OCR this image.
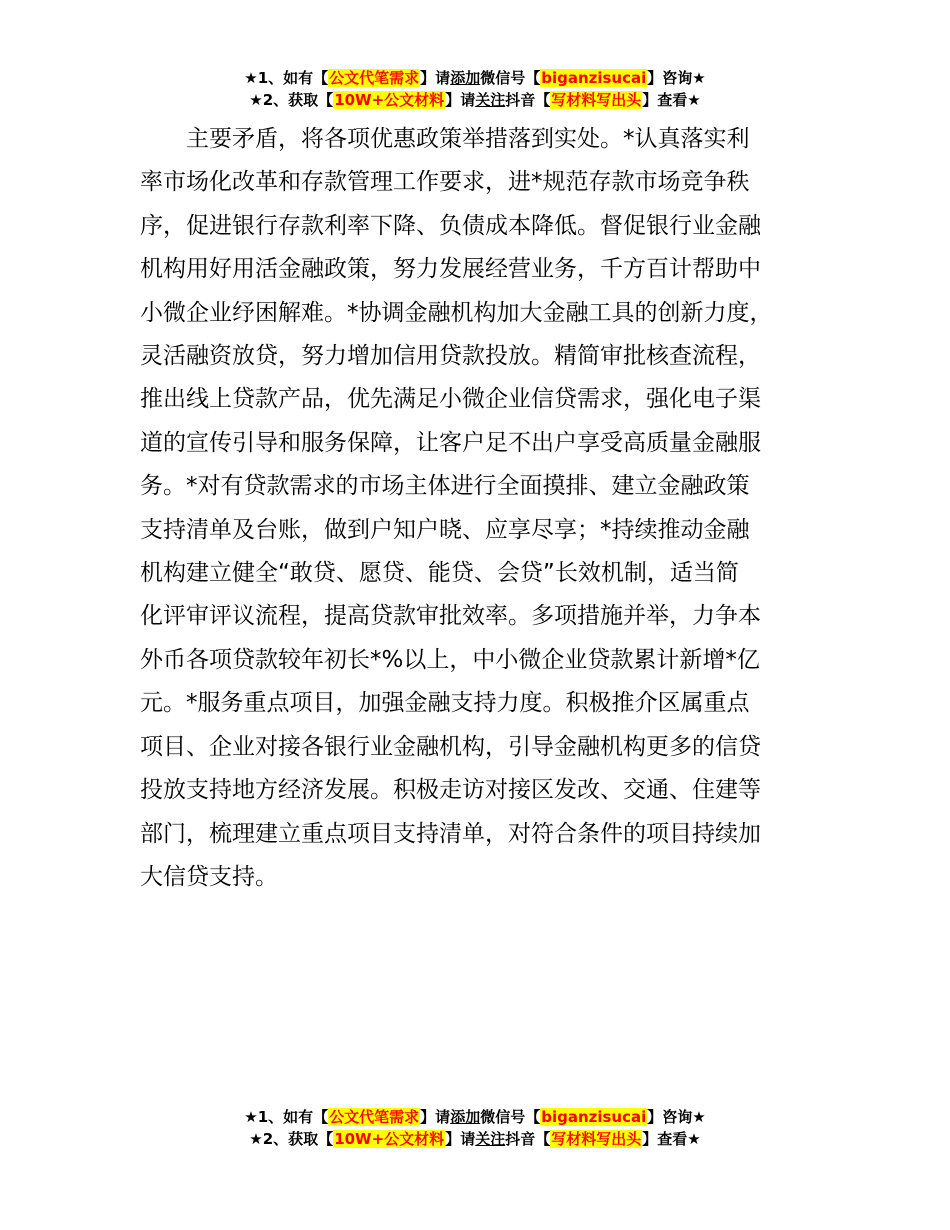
★1、如有【公文代笔需求】请添加微信号【biganzisucai】咨询★
★2、获取【10W+公文材料】请关注抖音【写材料写出头】查看★
　　主要矛盾，将各项优惠政策举措落到实处。*认真落实利
率市场化改革和存款管理工作要求，进*规范存款市场竞争秩
序，促进银行存款利率下降、负债成本降低。督促银行业金融
机构用好用活金融政策，努力发展经营业务，千方百计帮助中
小微企业纾困解难。*协调金融机构加大金融工具的创新力度，
灵活融资放贷，努力增加信用贷款投放。精简审批核查流程，
推出线上贷款产品，优先满足小微企业信贷需求，强化电子渠
道的宣传引导和服务保障，让客户足不出户享受高质量金融服
务。*对有贷款需求的市场主体进行全面摸排、建立金融政策
支持清单及台账，做到户知户晓、应享尽享；*持续推动金融
机构建立健全“敢贷、愿贷、能贷、会贷”长效机制，适当简
化评审评议流程，提高贷款审批效率。多项措施并举，力争本
外币各项贷款较年初长*%以上，中小微企业贷款累计新增*亿
元。*服务重点项目，加强金融支持力度。积极推介区属重点
项目、企业对接各银行业金融机构，引导金融机构更多的信贷
投放支持地方经济发展。积极走访对接区发改、交通、住建等
部门，梳理建立重点项目支持清单，对符合条件的项目持续加
大信贷支持。
★1、如有【公文代笔需求】请添加微信号【biganzisucai】咨询★
★2、获取【10W+公文材料】请关注抖音【写材料写出头】查看★
